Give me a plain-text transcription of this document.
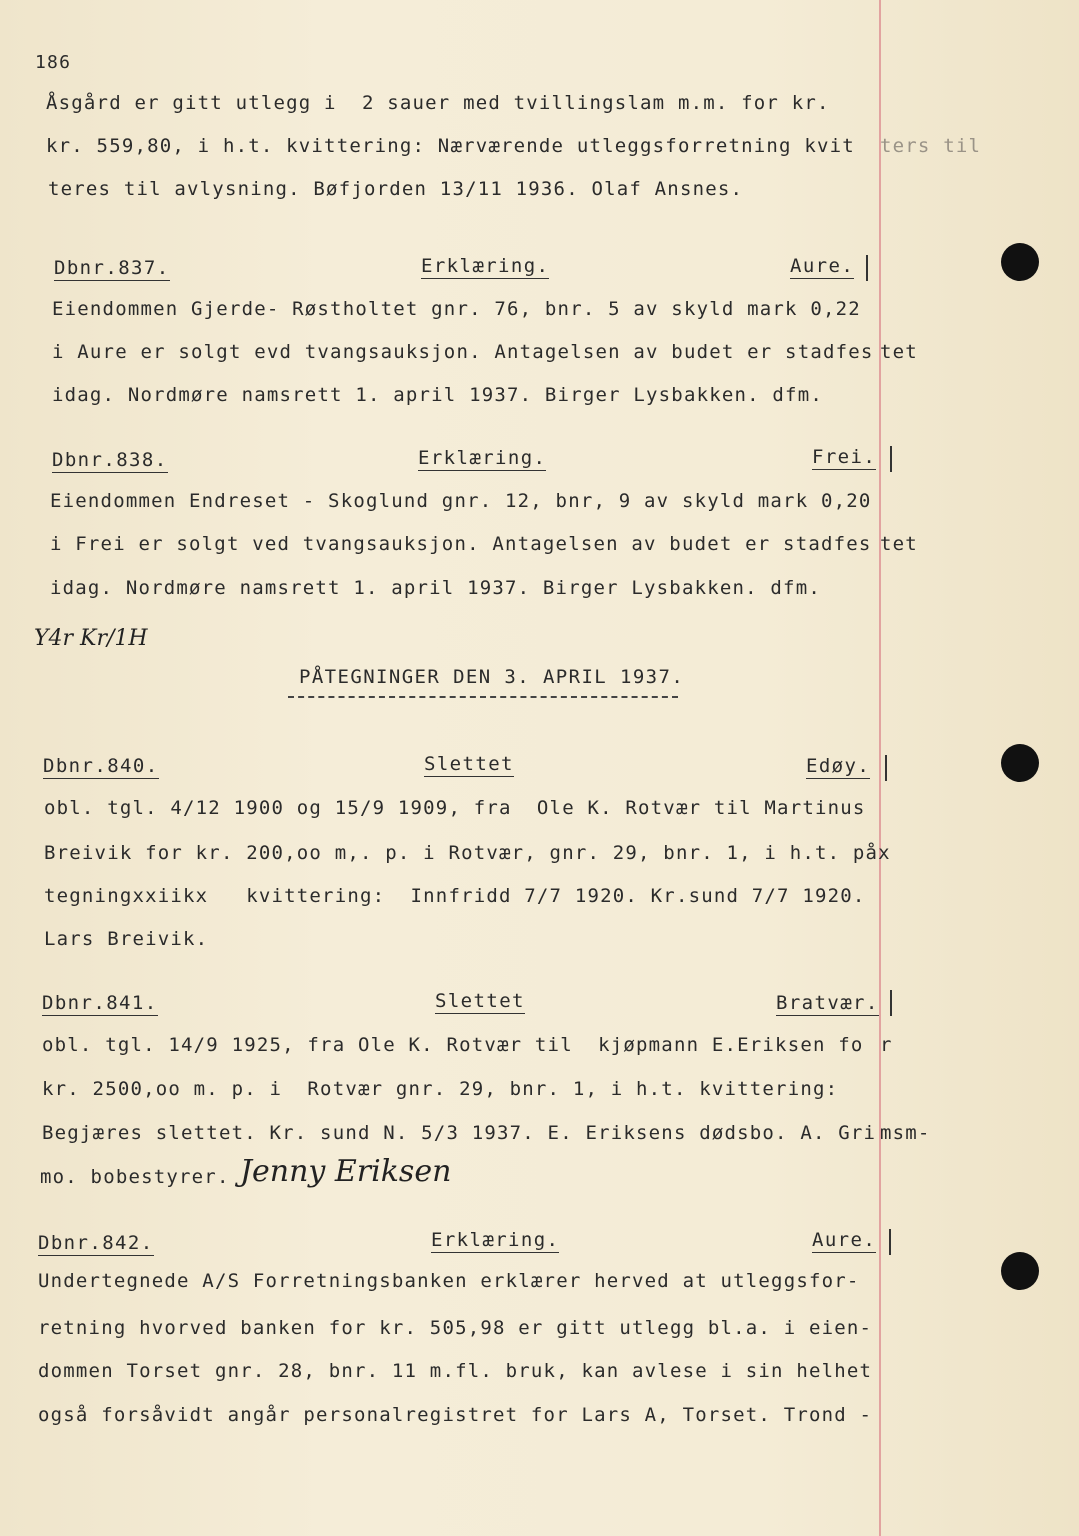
186
Åsgård er gitt utlegg i  2 sauer med tvillingslam m.m. for kr.
kr. 559,80, i h.t. kvittering: Nærværende utleggsforretning kvit ters til
teres til avlysning. Bøfjorden 13/11 1936. Olaf Ansnes.
Dbnr.837.	Erklæring.	Aure.
Eiendommen Gjerde- Røstholtet gnr. 76, bnr. 5 av skyld mark 0,22
i Aure er solgt evd tvangsauksjon. Antagelsen av budet er stadfes tet
idag. Nordmøre namsrett 1. april 1937. Birger Lysbakken. dfm.
Dbnr.838.	Erklæring.	Frei.
Eiendommen Endreset - Skoglund gnr. 12, bnr, 9 av skyld mark 0,20
i Frei er solgt ved tvangsauksjon. Antagelsen av budet er stadfes tet
idag. Nordmøre namsrett 1. april 1937. Birger Lysbakken. dfm.
Y4r Kr/1H
PÅTEGNINGER DEN 3. APRIL 1937.
Dbnr.840.	Slettet	Edøy.
obl. tgl. 4/12 1900 og 15/9 1909, fra  Ole K. Rotvær til Martinus
Breivik for kr. 200,oo m,. p. i Rotvær, gnr. 29, bnr. 1, i h.t. påx
tegningxxiikx   kvittering:  Innfridd 7/7 1920. Kr.sund 7/7 1920.
Lars Breivik.
Dbnr.841.	Slettet	Bratvær.
obl. tgl. 14/9 1925, fra Ole K. Rotvær til  kjøpmann E.Eriksen fo r
kr. 2500,oo m. p. i  Rotvær gnr. 29, bnr. 1, i h.t. kvittering:
Begjæres slettet. Kr. sund N. 5/3 1937. E. Eriksens dødsbo. A. Gri msm-
mo. bobestyrer. Jenny Eriksen
Dbnr.842.	Erklæring.	Aure.
Undertegnede A/S Forretningsbanken erklærer herved at utleggsfor-
retning hvorved banken for kr. 505,98 er gitt utlegg bl.a. i eien-
dommen Torset gnr. 28, bnr. 11 m.fl. bruk, kan avlese i sin helhet
også forsåvidt angår personalregistret for Lars A, Torset. Trond -
